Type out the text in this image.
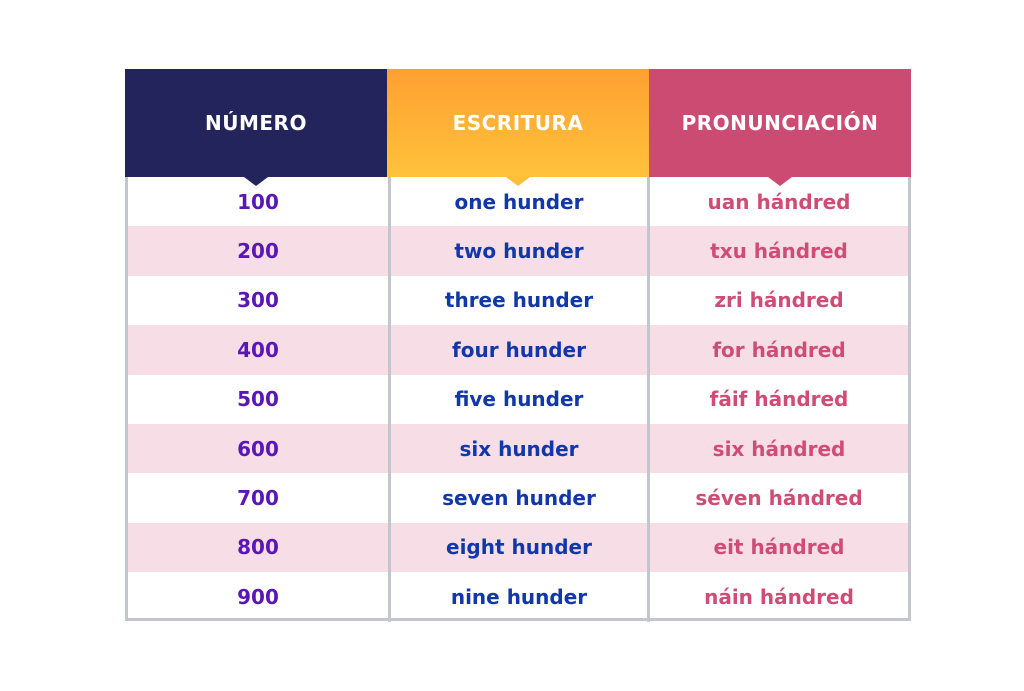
NÚMERO	ESCRITURA	PRONUNCIACIÓN
100	one hunder	uan hándred
200	two hunder	txu hándred
300	three hunder	zri hándred
400	four hunder	for hándred
500	five hunder	fáif hándred
600	six hunder	six hándred
700	seven hunder	séven hándred
800	eight hunder	eit hándred
900	nine hunder	náin hándred
